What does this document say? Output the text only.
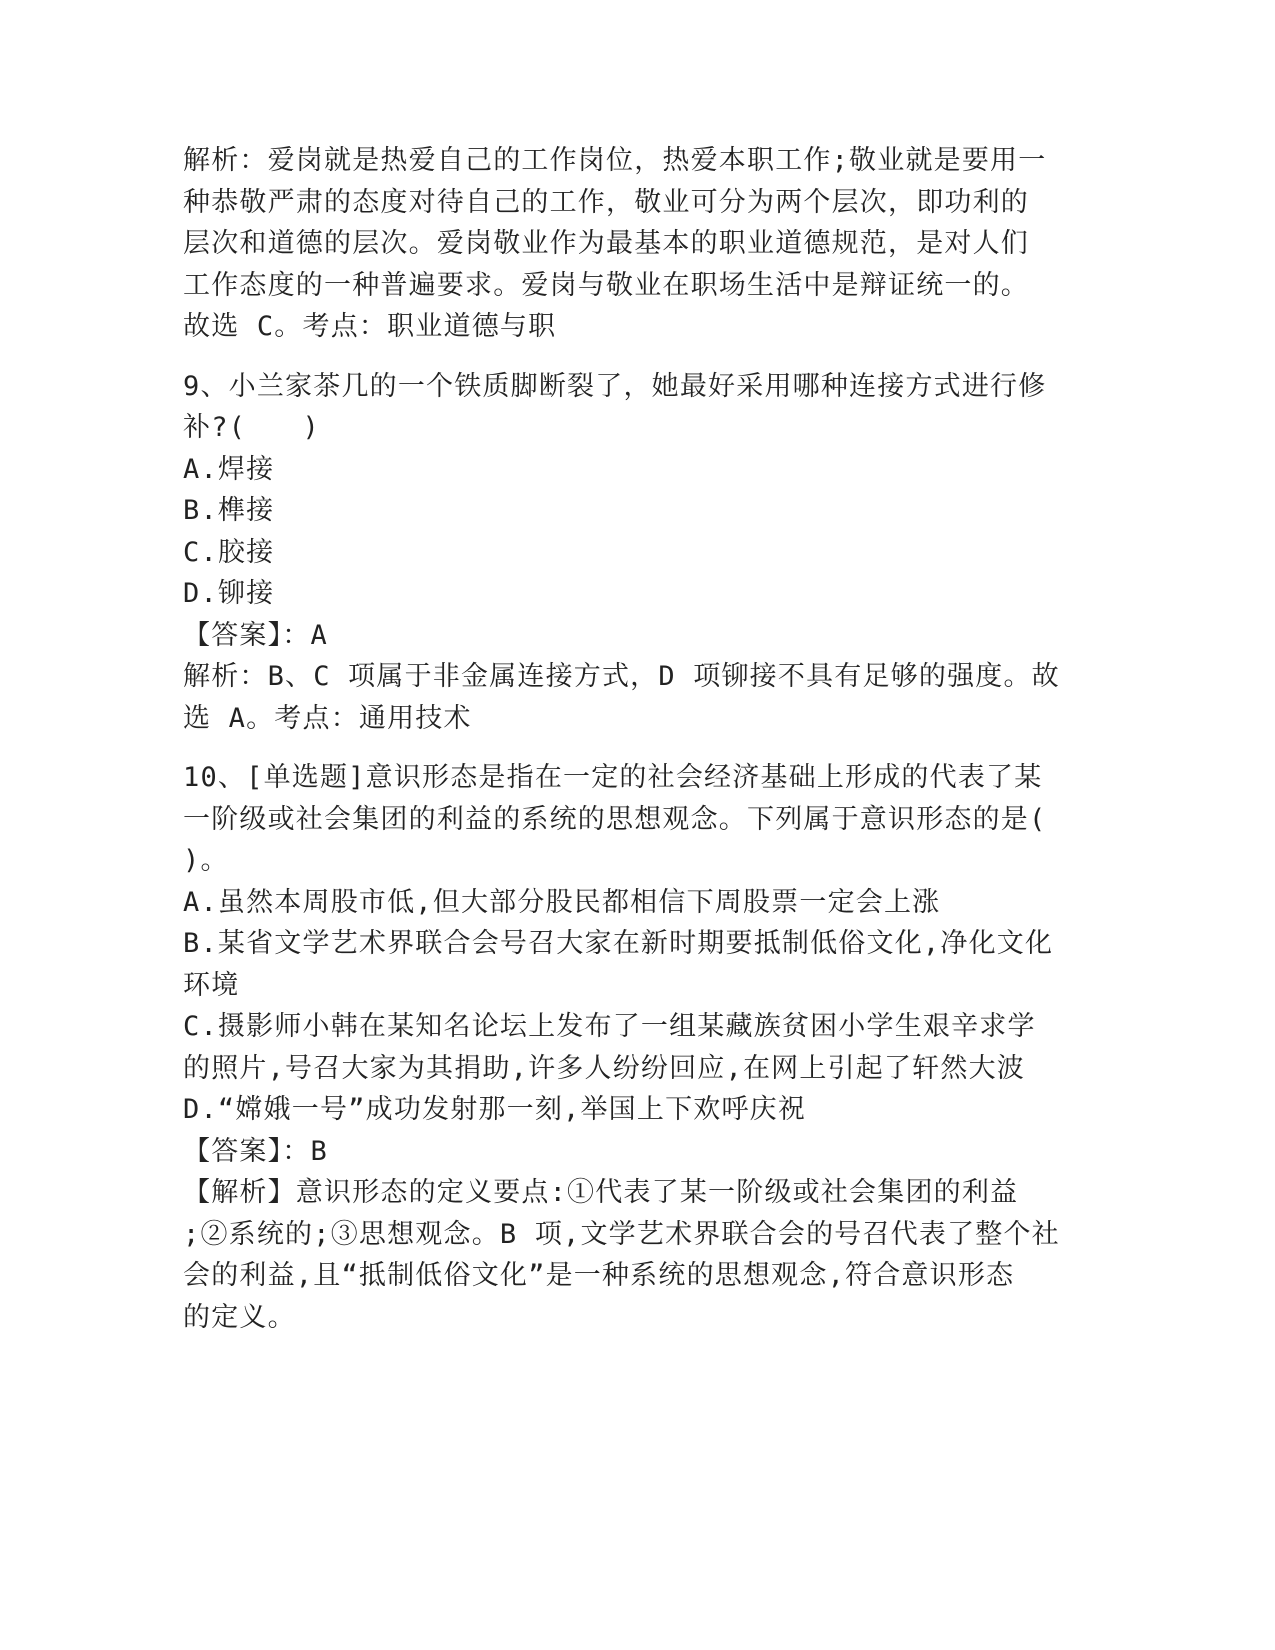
解析：爱岗就是热爱自己的工作岗位，热爱本职工作;敬业就是要用一
种恭敬严肃的态度对待自己的工作，敬业可分为两个层次，即功利的
层次和道德的层次。爱岗敬业作为最基本的职业道德规范，是对人们
工作态度的一种普遍要求。爱岗与敬业在职场生活中是辩证统一的。
故选 C。考点：职业道德与职
9、小兰家茶几的一个铁质脚断裂了，她最好采用哪种连接方式进行修
补?(　　)
A.焊接
B.榫接
C.胶接
D.铆接
【答案】：A
解析：B、C 项属于非金属连接方式，D 项铆接不具有足够的强度。故
选 A。考点：通用技术
10、[单选题]意识形态是指在一定的社会经济基础上形成的代表了某
一阶级或社会集团的利益的系统的思想观念。下列属于意识形态的是(
)。
A.虽然本周股市低,但大部分股民都相信下周股票一定会上涨
B.某省文学艺术界联合会号召大家在新时期要抵制低俗文化,净化文化
环境
C.摄影师小韩在某知名论坛上发布了一组某藏族贫困小学生艰辛求学
的照片,号召大家为其捐助,许多人纷纷回应,在网上引起了轩然大波
D.“嫦娥一号”成功发射那一刻,举国上下欢呼庆祝
【答案】：B
【解析】意识形态的定义要点:①代表了某一阶级或社会集团的利益
;②系统的;③思想观念。B 项,文学艺术界联合会的号召代表了整个社
会的利益,且“抵制低俗文化”是一种系统的思想观念,符合意识形态
的定义。
